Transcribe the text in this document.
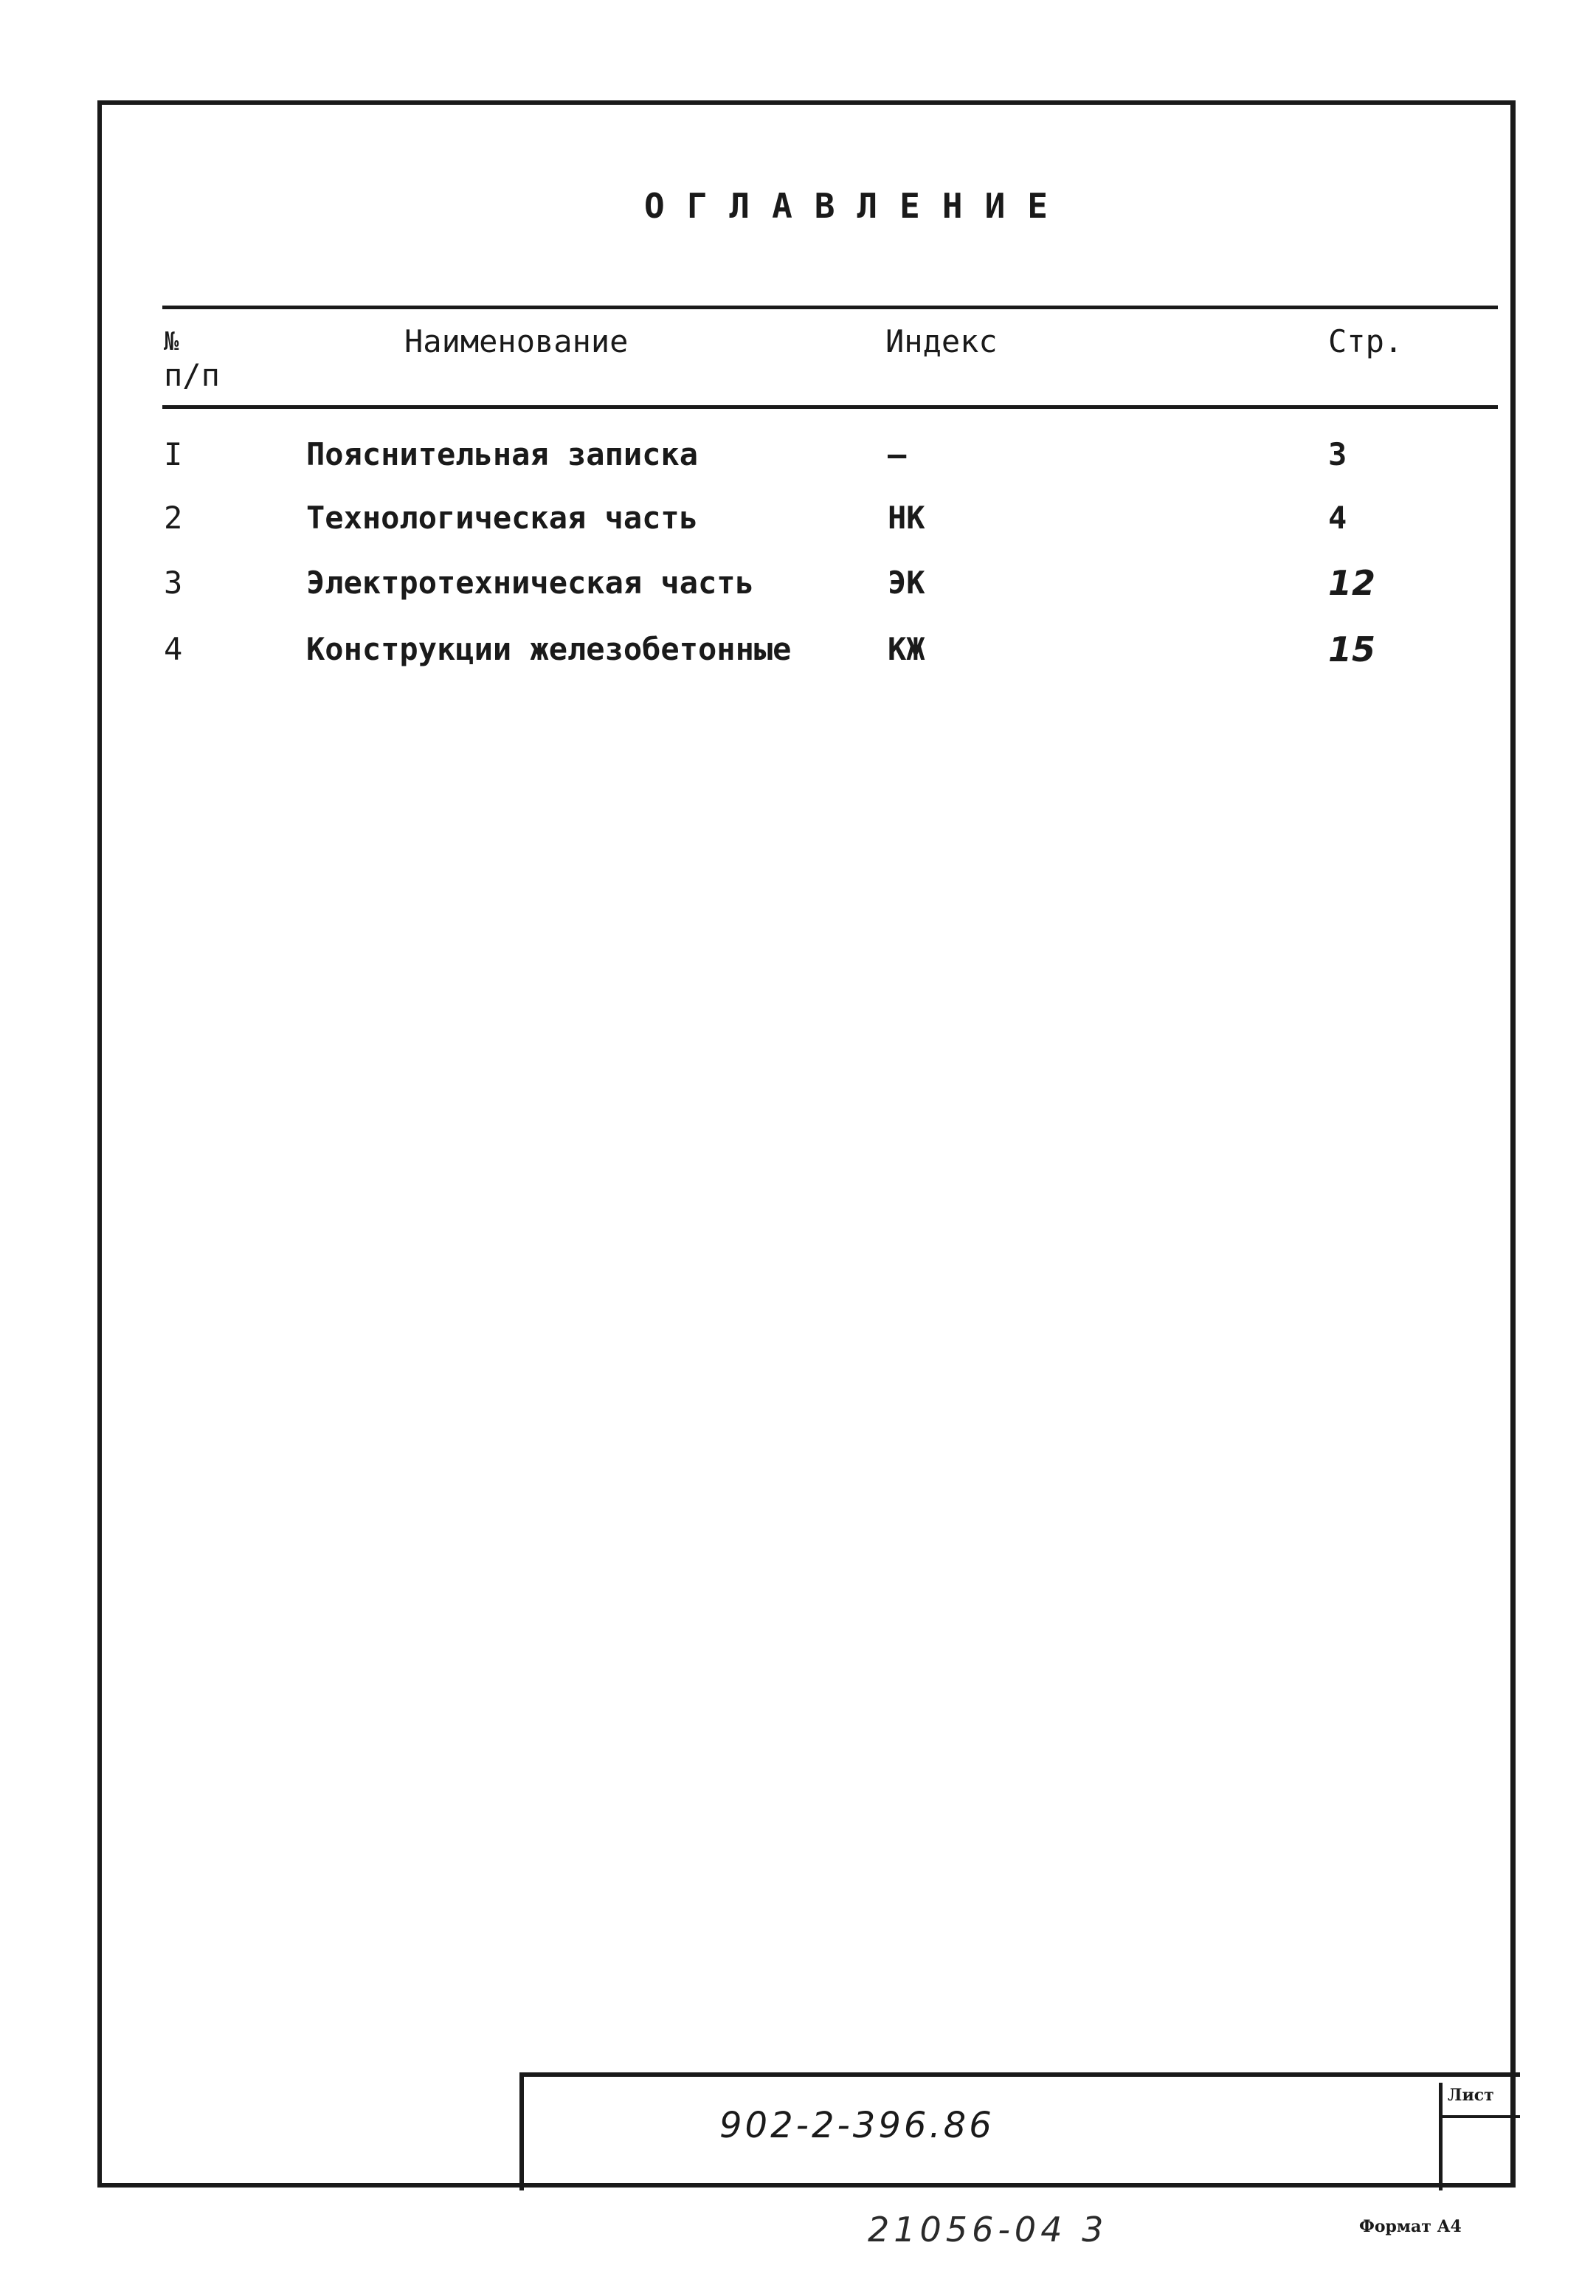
ОГЛАВЛЕНИЕ
№
п/п
Наименование	Индекс	Стр.
I	Пояснительная записка	–	3
2	Технологическая часть	НК	4
3	Электротехническая часть	ЭК	12
4	Конструкции железобетонные	КЖ	15
902-2-396.86
Лист
21056-04 3	Формат А4
